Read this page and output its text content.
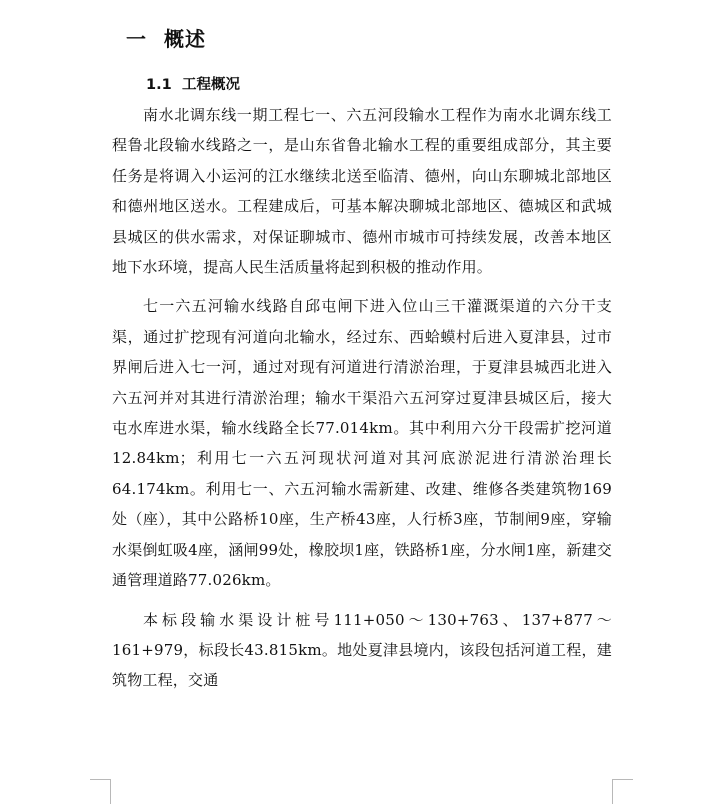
一 概述
1.1 工程概况

南水北调东线一期工程七一、六五河段输水工程作为南水北调东线工程鲁北段输水线路之一，是山东省鲁北输水工程的重要组成部分，其主要任务是将调入小运河的江水继续北送至临清、德州，向山东聊城北部地区和德州地区送水。工程建成后，可基本解决聊城北部地区、德城区和武城县城区的供水需求，对保证聊城市、德州市城市可持续发展，改善本地区地下水环境，提高人民生活质量将起到积极的推动作用。

七一六五河输水线路自邱屯闸下进入位山三干灌溉渠道的六分干支渠，通过扩挖现有河道向北输水，经过东、西蛤蟆村后进入夏津县，过市界闸后进入七一河，通过对现有河道进行清淤治理，于夏津县城西北进入六五河并对其进行清淤治理；输水干渠沿六五河穿过夏津县城区后，接大屯水库进水渠，输水线路全长77.014km。其中利用六分干段需扩挖河道12.84km；利用七一六五河现状河道对其河底淤泥进行清淤治理长64.174km。利用七一、六五河输水需新建、改建、维修各类建筑物169处（座），其中公路桥10座，生产桥43座，人行桥3座，节制闸9座，穿输水渠倒虹吸4座，涵闸99处，橡胶坝1座，铁路桥1座，分水闸1座，新建交通管理道路77.026km。

本标段输水渠设计桩号111+050～130+763、137+877～161+979，标段长43.815km。地处夏津县境内，该段包括河道工程，建筑物工程，交通
